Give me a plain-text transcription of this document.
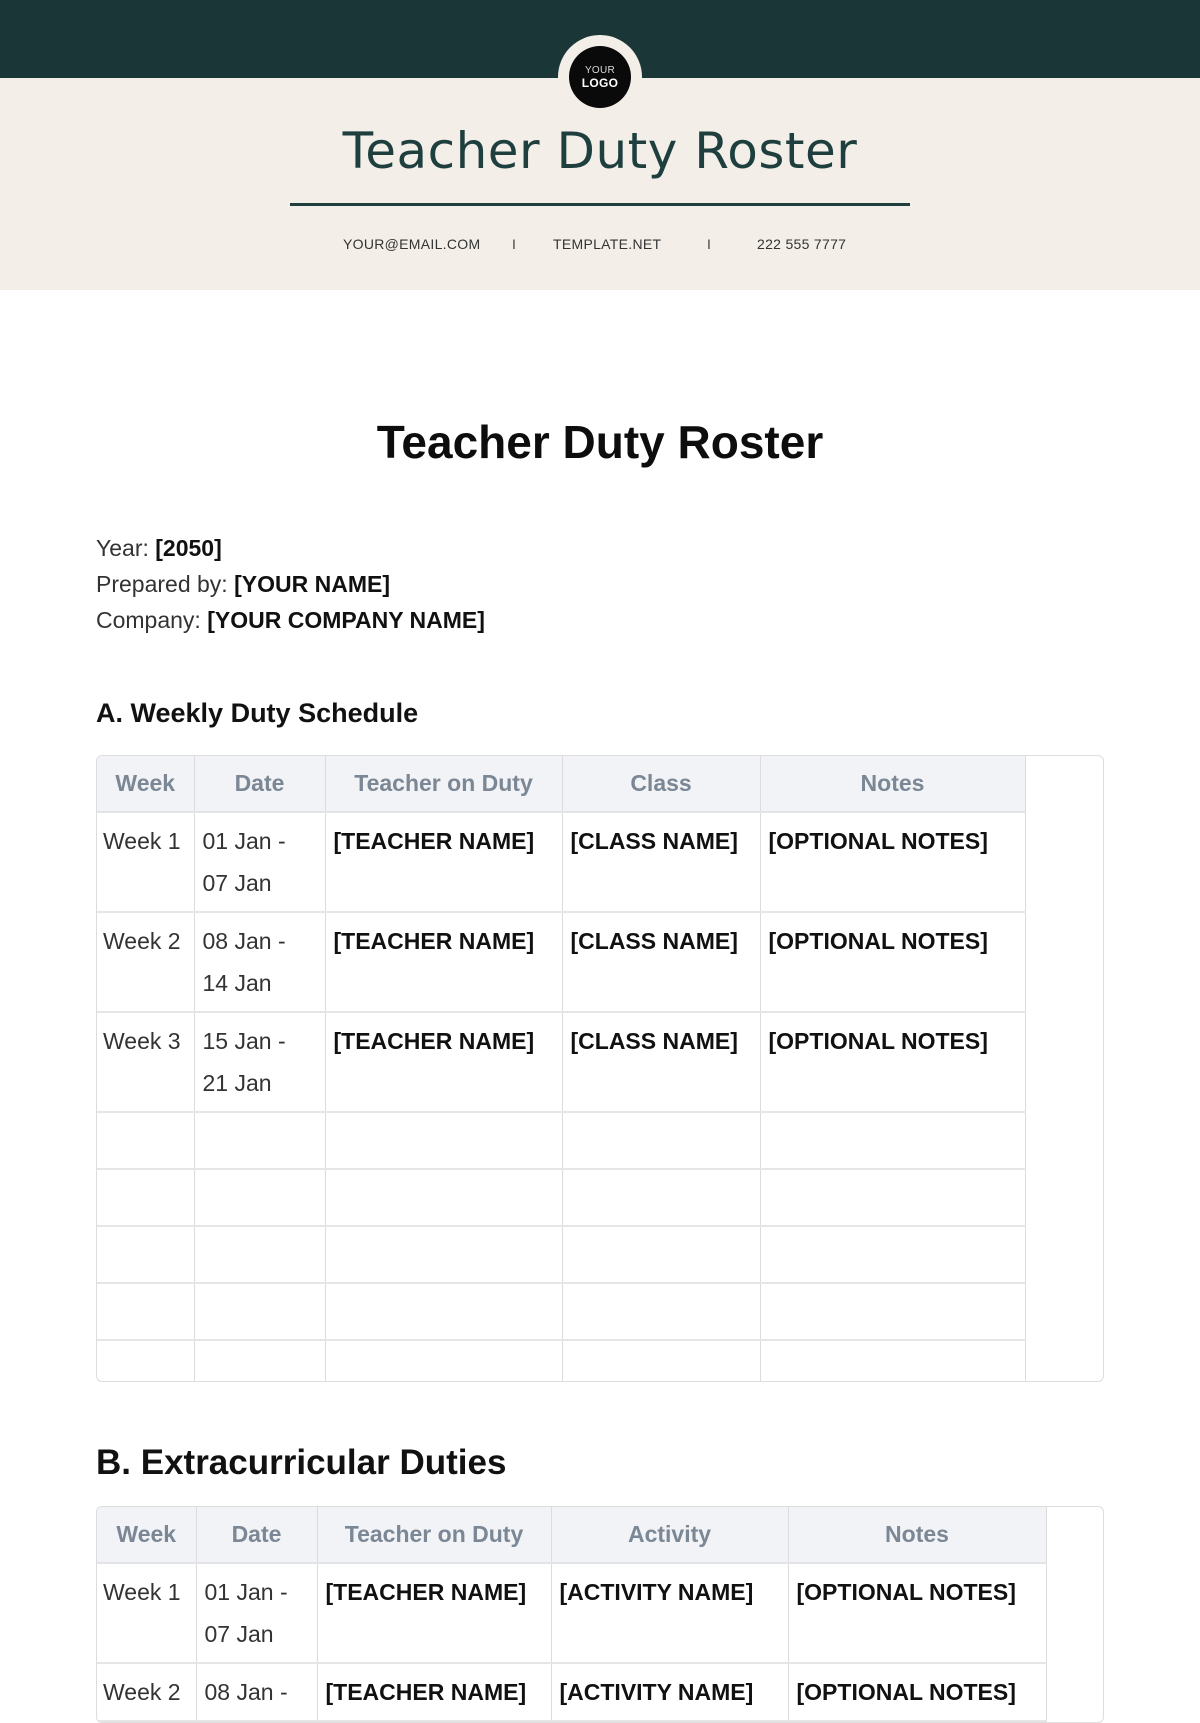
YOUR
LOGO
Teacher Duty Roster
YOUR@EMAIL.COM I	TEMPLATE.NET	I	222 555 7777
Teacher Duty Roster
Year: [2050]
Prepared by: [YOUR NAME]
Company: [YOUR COMPANY NAME]
A. Weekly Duty Schedule
Week	Date	Teacher on Duty	Class	Notes
Week 1	01 Jan -
07 Jan	[TEACHER NAME]	[CLASS NAME]	[OPTIONAL NOTES]
Week 2	08 Jan -
14 Jan	[TEACHER NAME]	[CLASS NAME]	[OPTIONAL NOTES]
Week 3	15 Jan -
21 Jan	[TEACHER NAME]	[CLASS NAME]	[OPTIONAL NOTES]

B. Extracurricular Duties
Week	Date	Teacher on Duty	Activity	Notes
Week 1	01 Jan -
07 Jan	[TEACHER NAME]	[ACTIVITY NAME]	[OPTIONAL NOTES]
Week 2	08 Jan -	[TEACHER NAME]	[ACTIVITY NAME]	[OPTIONAL NOTES]
